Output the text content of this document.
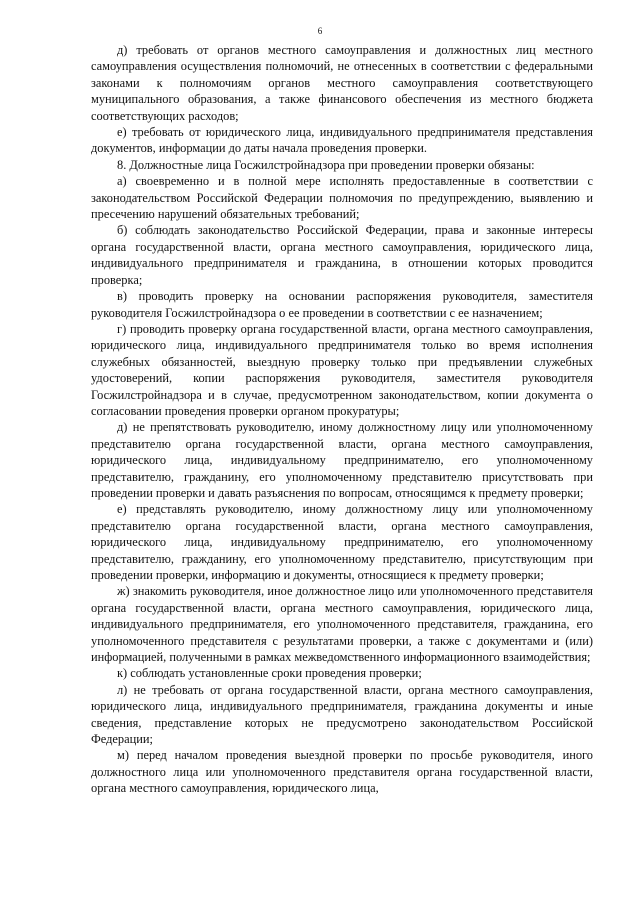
6

д) требовать от органов местного самоуправления и должностных лиц местного самоуправления осуществления полномочий, не отнесенных в соответствии с федеральными законами к полномочиям органов местного самоуправления соответствующего муниципального образования, а также финансового обеспечения из местного бюджета соответствующих расходов;

е) требовать от юридического лица, индивидуального предпринимателя представления документов, информации до даты начала проведения проверки.

8. Должностные лица Госжилстройнадзора при проведении проверки обязаны:

а) своевременно и в полной мере исполнять предоставленные в соответствии с законодательством Российской Федерации полномочия по предупреждению, выявлению и пресечению нарушений обязательных требований;

б) соблюдать законодательство Российской Федерации, права и законные интересы органа государственной власти, органа местного самоуправления, юридического лица, индивидуального предпринимателя и гражданина, в отношении которых проводится проверка;

в) проводить проверку на основании распоряжения руководителя, заместителя руководителя Госжилстройнадзора о ее проведении в соответствии с ее назначением;

г) проводить проверку органа государственной власти, органа местного самоуправления, юридического лица, индивидуального предпринимателя только во время исполнения служебных обязанностей, выездную проверку только при предъявлении служебных удостоверений, копии распоряжения руководителя, заместителя руководителя Госжилстройнадзора и в случае, предусмотренном законодательством, копии документа о согласовании проведения проверки органом прокуратуры;

д) не препятствовать руководителю, иному должностному лицу или уполномоченному представителю органа государственной власти, органа местного самоуправления, юридического лица, индивидуальному предпринимателю, его уполномоченному представителю, гражданину, его уполномоченному представителю присутствовать при проведении проверки и давать разъяснения по вопросам, относящимся к предмету проверки;

е) представлять руководителю, иному должностному лицу или уполномоченному представителю органа государственной власти, органа местного самоуправления, юридического лица, индивидуальному предпринимателю, его уполномоченному представителю, гражданину, его уполномоченному представителю, присутствующим при проведении проверки, информацию и документы, относящиеся к предмету проверки;

ж) знакомить руководителя, иное должностное лицо или уполномоченного представителя органа государственной власти, органа местного самоуправления, юридического лица, индивидуального предпринимателя, его уполномоченного представителя, гражданина, его уполномоченного представителя с результатами проверки, а также с документами и (или) информацией, полученными в рамках межведомственного информационного взаимодействия;

к) соблюдать установленные сроки проведения проверки;

л) не требовать от органа государственной власти, органа местного самоуправления, юридического лица, индивидуального предпринимателя, гражданина документы и иные сведения, представление которых не предусмотрено законодательством Российской Федерации;

м) перед началом проведения выездной проверки по просьбе руководителя, иного должностного лица или уполномоченного представителя органа государственной власти, органа местного самоуправления, юридического лица,
